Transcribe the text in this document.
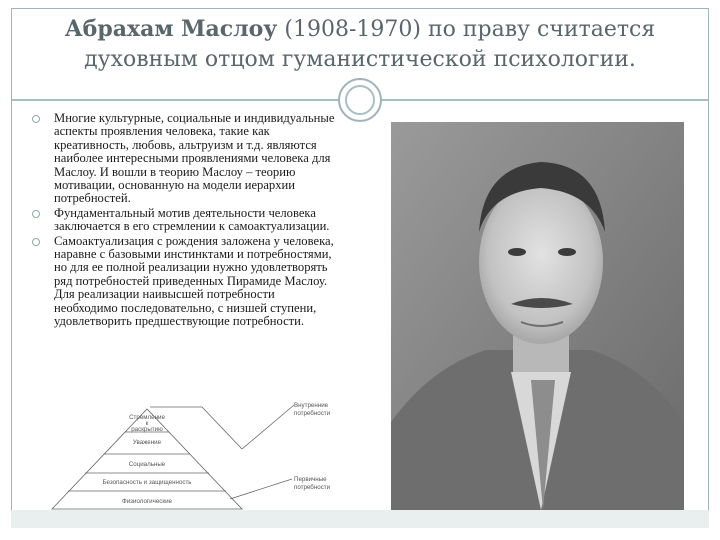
Абрахам Маслоу (1908-1970) по праву считается
духовным отцом гуманистической психологии.
Многие культурные, социальные и индивидуальные аспекты проявления человека, такие как креативность, любовь, альтруизм и т.д. являются наиболее интересными проявлениями человека для Маслоу. И вошли в теорию Маслоу – теорию мотивации, основанную на модели иерархии потребностей.
Фундаментальный мотив деятельности человека заключается в его стремлении к самоактуализации.
Самоактуализация с рождения заложена у человека, наравне с базовыми инстинктами и потребностями, но для ее полной реализации нужно удовлетворять ряд потребностей приведенных Пирамиде Маслоу. Для реализации наивысшей потребности необходимо последовательно, с низшей ступени, удовлетворить предшествующие потребности.
Стремление
к
раскрытию
Уважение
Социальные
Безопасность и защищенность
Физиологические
Внутренние
потребности
Первичные
потребности
